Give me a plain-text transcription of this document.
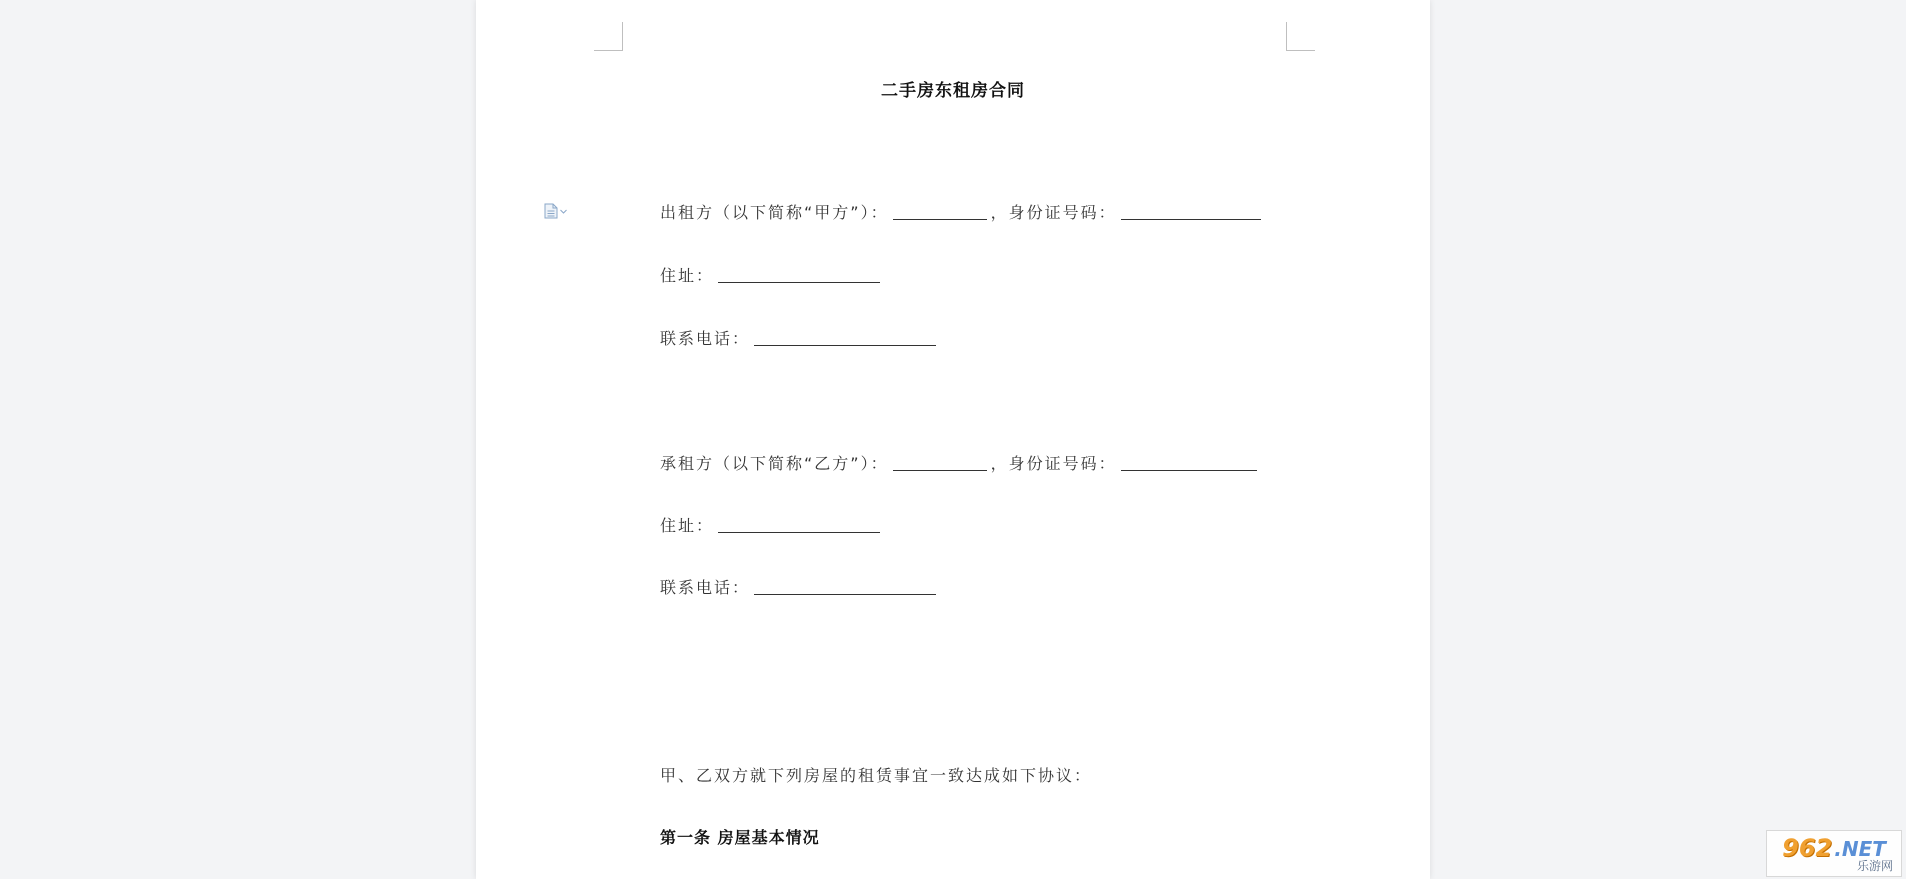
二手房东租房合同
出租方（以下简称“甲方”）：	，身份证号码：
住址：
联系电话：
承租方（以下简称“乙方”）：	，身份证号码：
住址：
联系电话：
甲、乙双方就下列房屋的租赁事宜一致达成如下协议：
第一条 房屋基本情况	962 .NET
乐游网
